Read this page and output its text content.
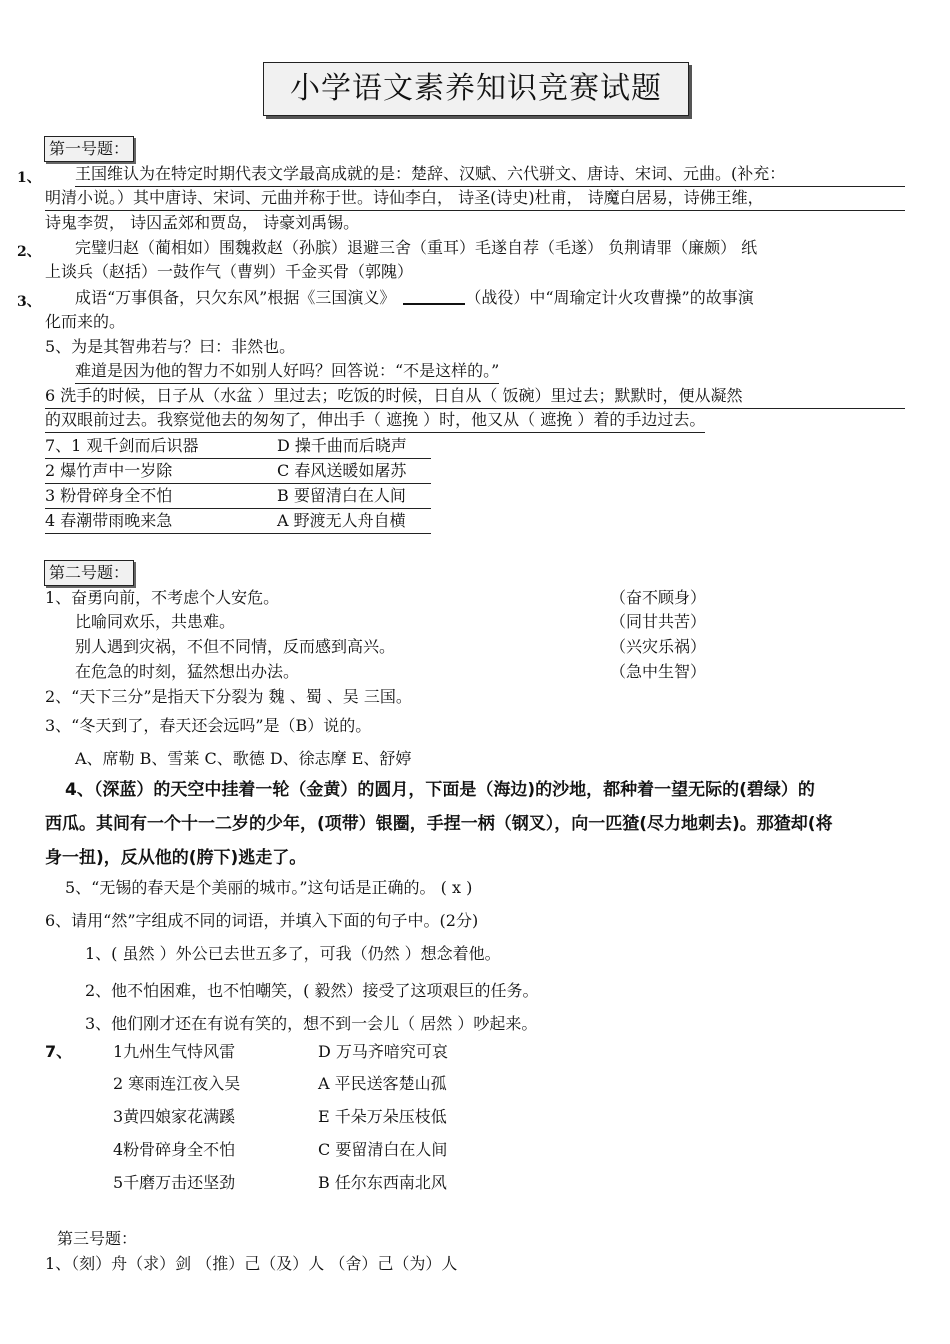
小学语文素养知识竞赛试题
第一号题：
1、 王国维认为在特定时期代表文学最高成就的是：楚辞、汉赋、六代骈文、唐诗、宋词、元曲。(补充：
明清小说。）其中唐诗、宋词、元曲并称于世。诗仙李白， 诗圣(诗史)杜甫， 诗魔白居易，诗佛王维，
诗鬼李贺， 诗囚孟郊和贾岛， 诗豪刘禹锡。
2、 完璧归赵（蔺相如）围魏救赵（孙膑）退避三舍（重耳）毛遂自荐（毛遂） 负荆请罪（廉颇） 纸
上谈兵（赵括）一鼓作气（曹刿）千金买骨（郭隗）
3、 成语“万事俱备，只欠东风”根据《三国演义》	（战役）中“周瑜定计火攻曹操”的故事演
化而来的。
5、为是其智弗若与？曰：非然也。
难道是因为他的智力不如别人好吗？回答说：“不是这样的。”
6 洗手的时候，日子从（水盆 ）里过去；吃饭的时候，日自从（ 饭碗）里过去；默默时，便从凝然
的双眼前过去。我察觉他去的匆匆了，伸出手（ 遮挽 ）时，他又从（ 遮挽 ）着的手边过去。
7、1 观千剑而后识器	D 操千曲而后晓声
2 爆竹声中一岁除	C 春风送暖如屠苏
3 粉骨碎身全不怕	B 要留清白在人间
4 春潮带雨晚来急	A 野渡无人舟自横
第二号题：
1、奋勇向前，不考虑个人安危。	（奋不顾身）
比喻同欢乐，共患难。	（同甘共苦）
别人遇到灾祸，不但不同情，反而感到高兴。	（兴灾乐祸）
在危急的时刻，猛然想出办法。	（急中生智）
2、“天下三分”是指天下分裂为 魏 、蜀 、吴 三国。
3、“冬天到了，春天还会远吗”是（B）说的。
A、席勒 B、雪莱 C、歌德 D、徐志摩 E、舒婷
4、（深蓝）的天空中挂着一轮（金黄）的圆月，下面是（海边)的沙地，都种着一望无际的(碧绿）的
西瓜。其间有一个十一二岁的少年，(项带）银圈，手捏一柄（钢叉），向一匹猹(尽力地刺去)。那猹却(将
身一扭)，反从他的(胯下)逃走了。
5、“无锡的春天是个美丽的城市。”这句话是正确的。 ( x )
6、请用“然”字组成不同的词语，并填入下面的句子中。(2分)
1、( 虽然 ）外公已去世五多了，可我（仍然 ）想念着他。
2、他不怕困难，也不怕嘲笑，( 毅然）接受了这项艰巨的任务。
3、他们刚才还在有说有笑的，想不到一会儿（ 居然 ）吵起来。
7、	1九州生气恃风雷	D 万马齐喑究可哀
2 寒雨连江夜入吴	A 平民送客楚山孤
3黄四娘家花满蹊	E 千朵万朵压枝低
4粉骨碎身全不怕	C 要留清白在人间
5千磨万击还坚劲	B 任尔东西南北风
第三号题：
1、（刻）舟（求）剑 （推）己（及）人 （舍）己（为）人
